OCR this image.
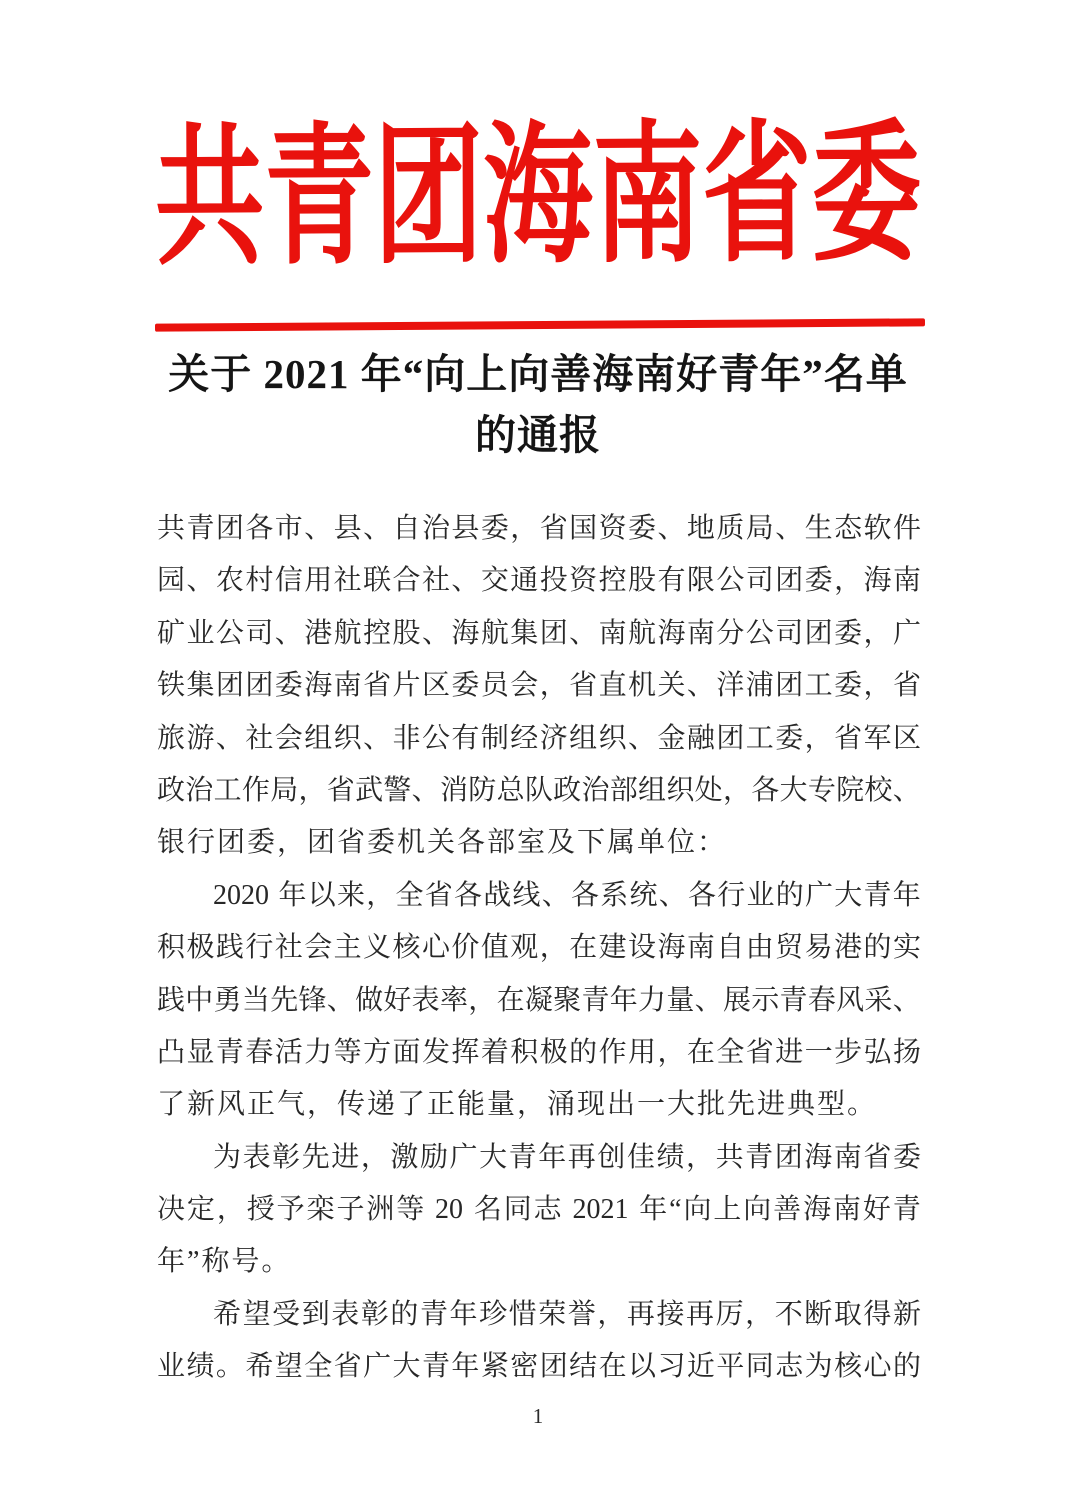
共青团海南省委
关于 2021 年“向上向善海南好青年”名单
的通报
共 青 团 各 市 、 县 、 自 治 县 委 ， 省 国 资 委 、 地 质 局 、 生 态 软 件
园 、 农 村 信 用 社 联 合 社 、 交 通 投 资 控 股 有 限 公 司 团 委 ， 海 南
矿 业 公 司 、 港 航 控 股 、 海 航 集 团 、 南 航 海 南 分 公 司 团 委 ， 广
铁 集 团 团 委 海 南 省 片 区 委 员 会 ， 省 直 机 关 、 洋 浦 团 工 委 ， 省
旅 游 、 社 会 组 织 、 非 公 有 制 经 济 组 织 、 金 融 团 工 委 ， 省 军 区
政 治 工 作 局 ， 省 武 警 、 消 防 总 队 政 治 部 组 织 处 ， 各 大 专 院 校 、
银行团委，团省委机关各部室及下属单位：
2020
年 以 来 ， 全 省 各 战 线 、 各 系 统 、 各 行 业 的 广 大 青 年
积 极 践 行 社 会 主 义 核 心 价 值 观 ， 在 建 设 海 南 自 由 贸 易 港 的 实
践 中 勇 当 先 锋 、 做 好 表 率 ， 在 凝 聚 青 年 力 量 、 展 示 青 春 风 采 、
凸 显 青 春 活 力 等 方 面 发 挥 着 积 极 的 作 用 ， 在 全 省 进 一 步 弘 扬
了新风正气，传递了正能量，涌现出一大批先进典型。
为 表 彰 先 进 ， 激 励 广 大 青 年 再 创 佳 绩 ， 共 青 团 海 南 省 委
决 定 ， 授 予 栾 子 洲 等
20
名 同 志
2021
年 “ 向 上 向 善 海 南 好 青
年”称号。
希 望 受 到 表 彰 的 青 年 珍 惜 荣 誉 ， 再 接 再 厉 ， 不 断 取 得 新
业 绩 。 希 望 全 省 广 大 青 年 紧 密 团 结 在 以 习 近 平 同 志 为 核 心 的
1
